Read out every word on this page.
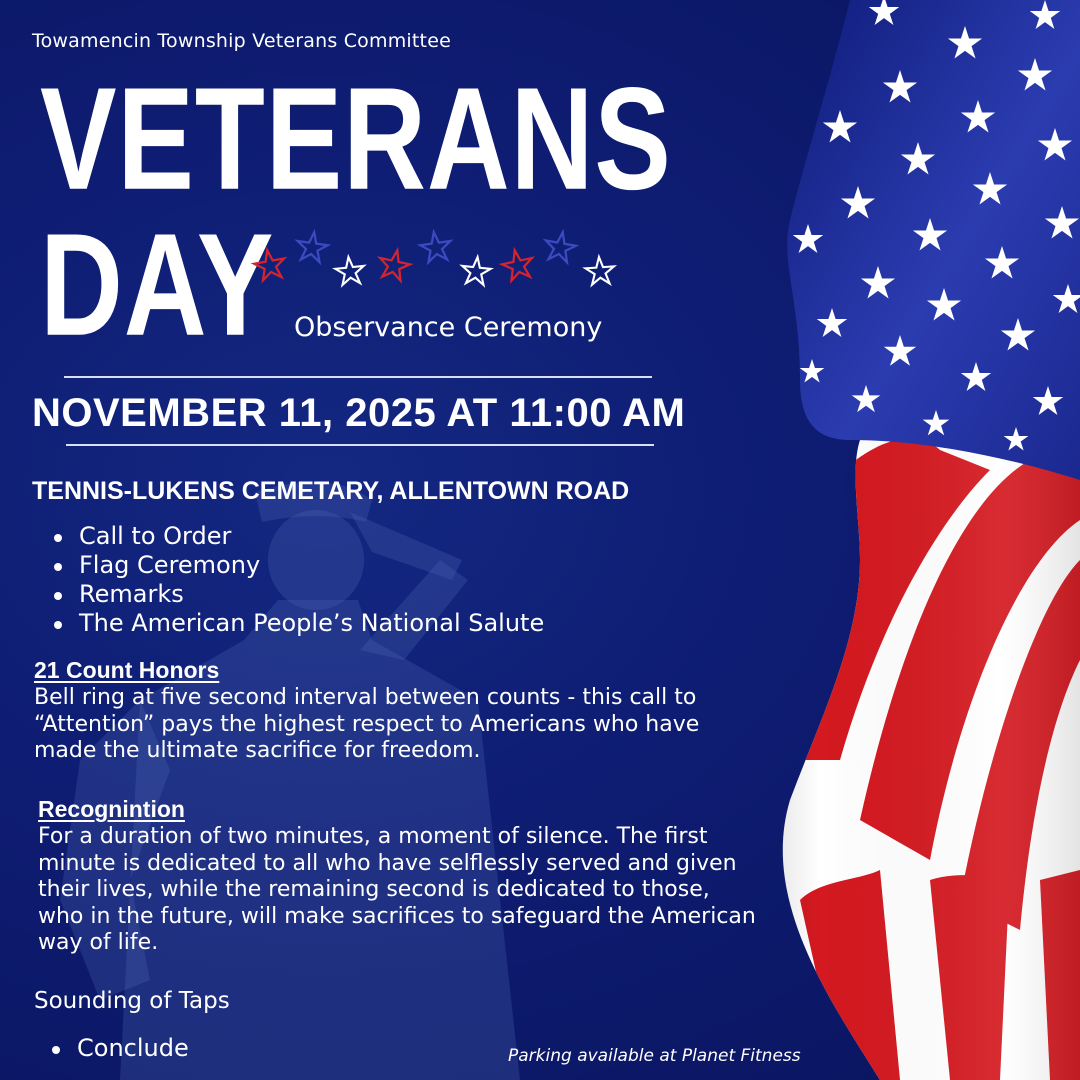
Towamencin Township Veterans Committee

VETERANS
DAY Observance Ceremony

NOVEMBER 11, 2025 AT 11:00 AM

TENNIS-LUKENS CEMETARY, ALLENTOWN ROAD

Call to Order
Flag Ceremony
Remarks
The American People’s National Salute

21 Count Honors

Bell ring at five second interval between counts - this call to “Attention” pays the highest respect to Americans who have made the ultimate sacrifice for freedom.

Recognintion

For a duration of two minutes, a moment of silence. The first minute is dedicated to all who have selflessly served and given their lives, while the remaining second is dedicated to those, who in the future, will make sacrifices to safeguard the American way of life.

Sounding of Taps

Conclude	Parking available at Planet Fitness
